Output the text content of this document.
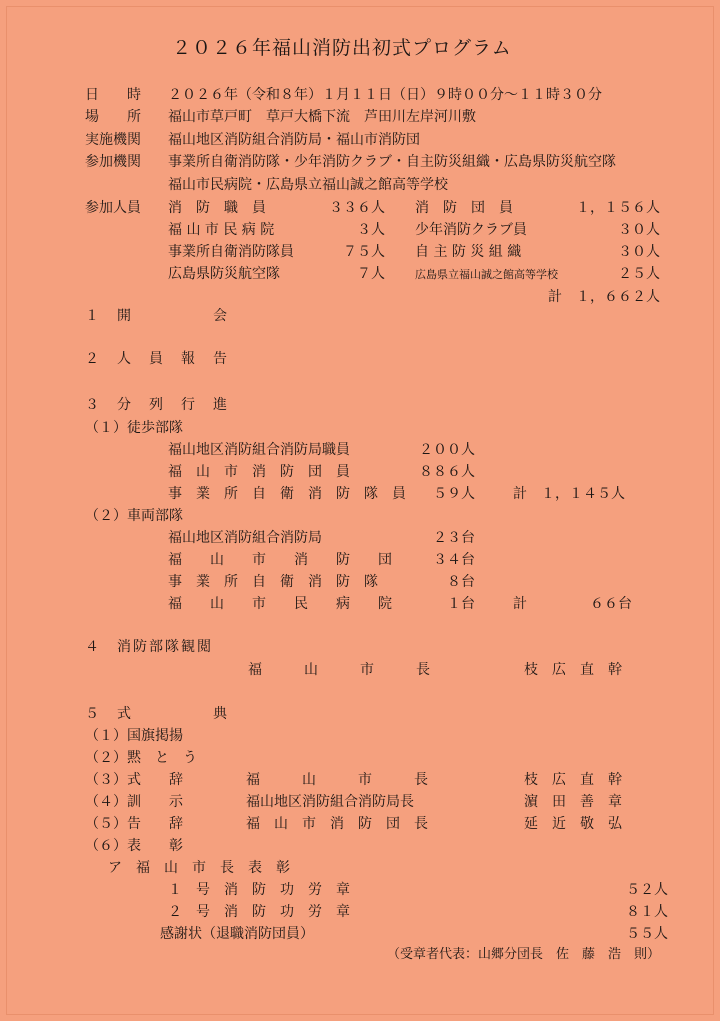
２０２６年福山消防出初式プログラム
日　　時 ２０２６年（令和８年）１月１１日（日）９時００分～１１時３０分
場　　所 福山市草戸町　草戸大橋下流　芦田川左岸河川敷
実施機関 福山地区消防組合消防局・福山市消防団
参加機関 事業所自衛消防隊・少年消防クラブ・自主防災組織・広島県防災航空隊
福山市民病院・広島県立福山誠之館高等学校
参加人員 消　防　職　員	３３６人 消　防　団　員	１，１５６人
福 山 市 民 病 院	３人 少年消防クラブ員	３０人
事業所自衛消防隊員	７５人 自 主 防 災 組 織	３０人
広島県防災航空隊	７人	広島県立福山誠之館高等学校	２５人
計　１，６６２人
１　開　　　　　会
２　人　員　報　告
３　分　列　行　進
（１）徒歩部隊
福山地区消防組合消防局職員	２００人
福　山　市　消　防　団　員	８８６人
事　業　所　自　衛　消　防　隊　員	５９人	計　１，１４５人
（２）車両部隊
福山地区消防組合消防局	２３台
福　　山　　市　　消　　防　　団	３４台
事　業　所　自　衛　消　防　隊	８台
福　　山　　市　　民　　病　　院	１台	計	６６台
４　消防部隊観閲
福　　　山　　　市　　　長	枝　広　直　幹
５　式　　　　　典
（１）国旗掲揚
（２）黙　と　う
（３）式　　辞	福　　　山　　　市　　　長	枝　広　直　幹
（４）訓　　示	福山地区消防組合消防局長	濵　田　善　章
（５）告　　辞	福　山　市　消　防　団　長	延　近　敬　弘
（６）表　　彰
ア　福　山　市　長　表　彰
１　号　消　防　功　労　章	５２人
２　号　消　防　功　労　章	８１人
感謝状（退職消防団員）	５５人
（受章者代表：山郷分団長　佐　藤　浩　則）
